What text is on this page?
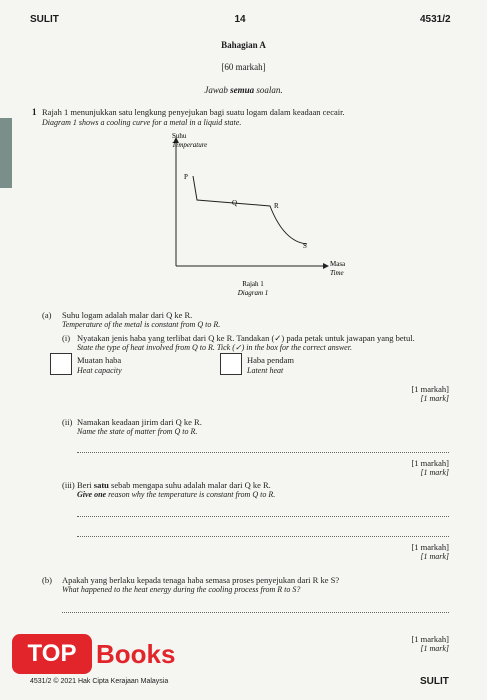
SULIT	14	4531/2
Bahagian A
[60 markah]
Jawab semua soalan.
1 Rajah 1 menunjukkan satu lengkung penyejukan bagi suatu logam dalam keadaan cecair.
Diagram 1 shows a cooling curve for a metal in a liquid state.
Suhu
Temperature
P
Q	R
S
Masa
Time
Rajah 1
Diagram 1
(a) Suhu logam adalah malar dari Q ke R.
Temperature of the metal is constant from Q to R.
(i) Nyatakan jenis haba yang terlibat dari Q ke R. Tandakan (✓) pada petak untuk jawapan yang betul.
State the type of heat involved from Q to R. Tick (✓) in the box for the correct answer.
Muatan haba
Heat capacity
Haba pendam
Latent heat
[1 markah]
[1 mark]
(ii) Namakan keadaan jirim dari Q ke R.
Name the state of matter from Q to R.
[1 markah]
[1 mark]
(iii) Beri satu sebab mengapa suhu adalah malar dari Q ke R.
Give one reason why the temperature is constant from Q to R.
[1 markah]
[1 mark]
(b) Apakah yang berlaku kepada tenaga haba semasa proses penyejukan dari R ke S?
What happened to the heat energy during the cooling process from R to S?
[1 markah]
[1 mark]
TOP Books
4531/2 © 2021 Hak Cipta Kerajaan Malaysia	SULIT
